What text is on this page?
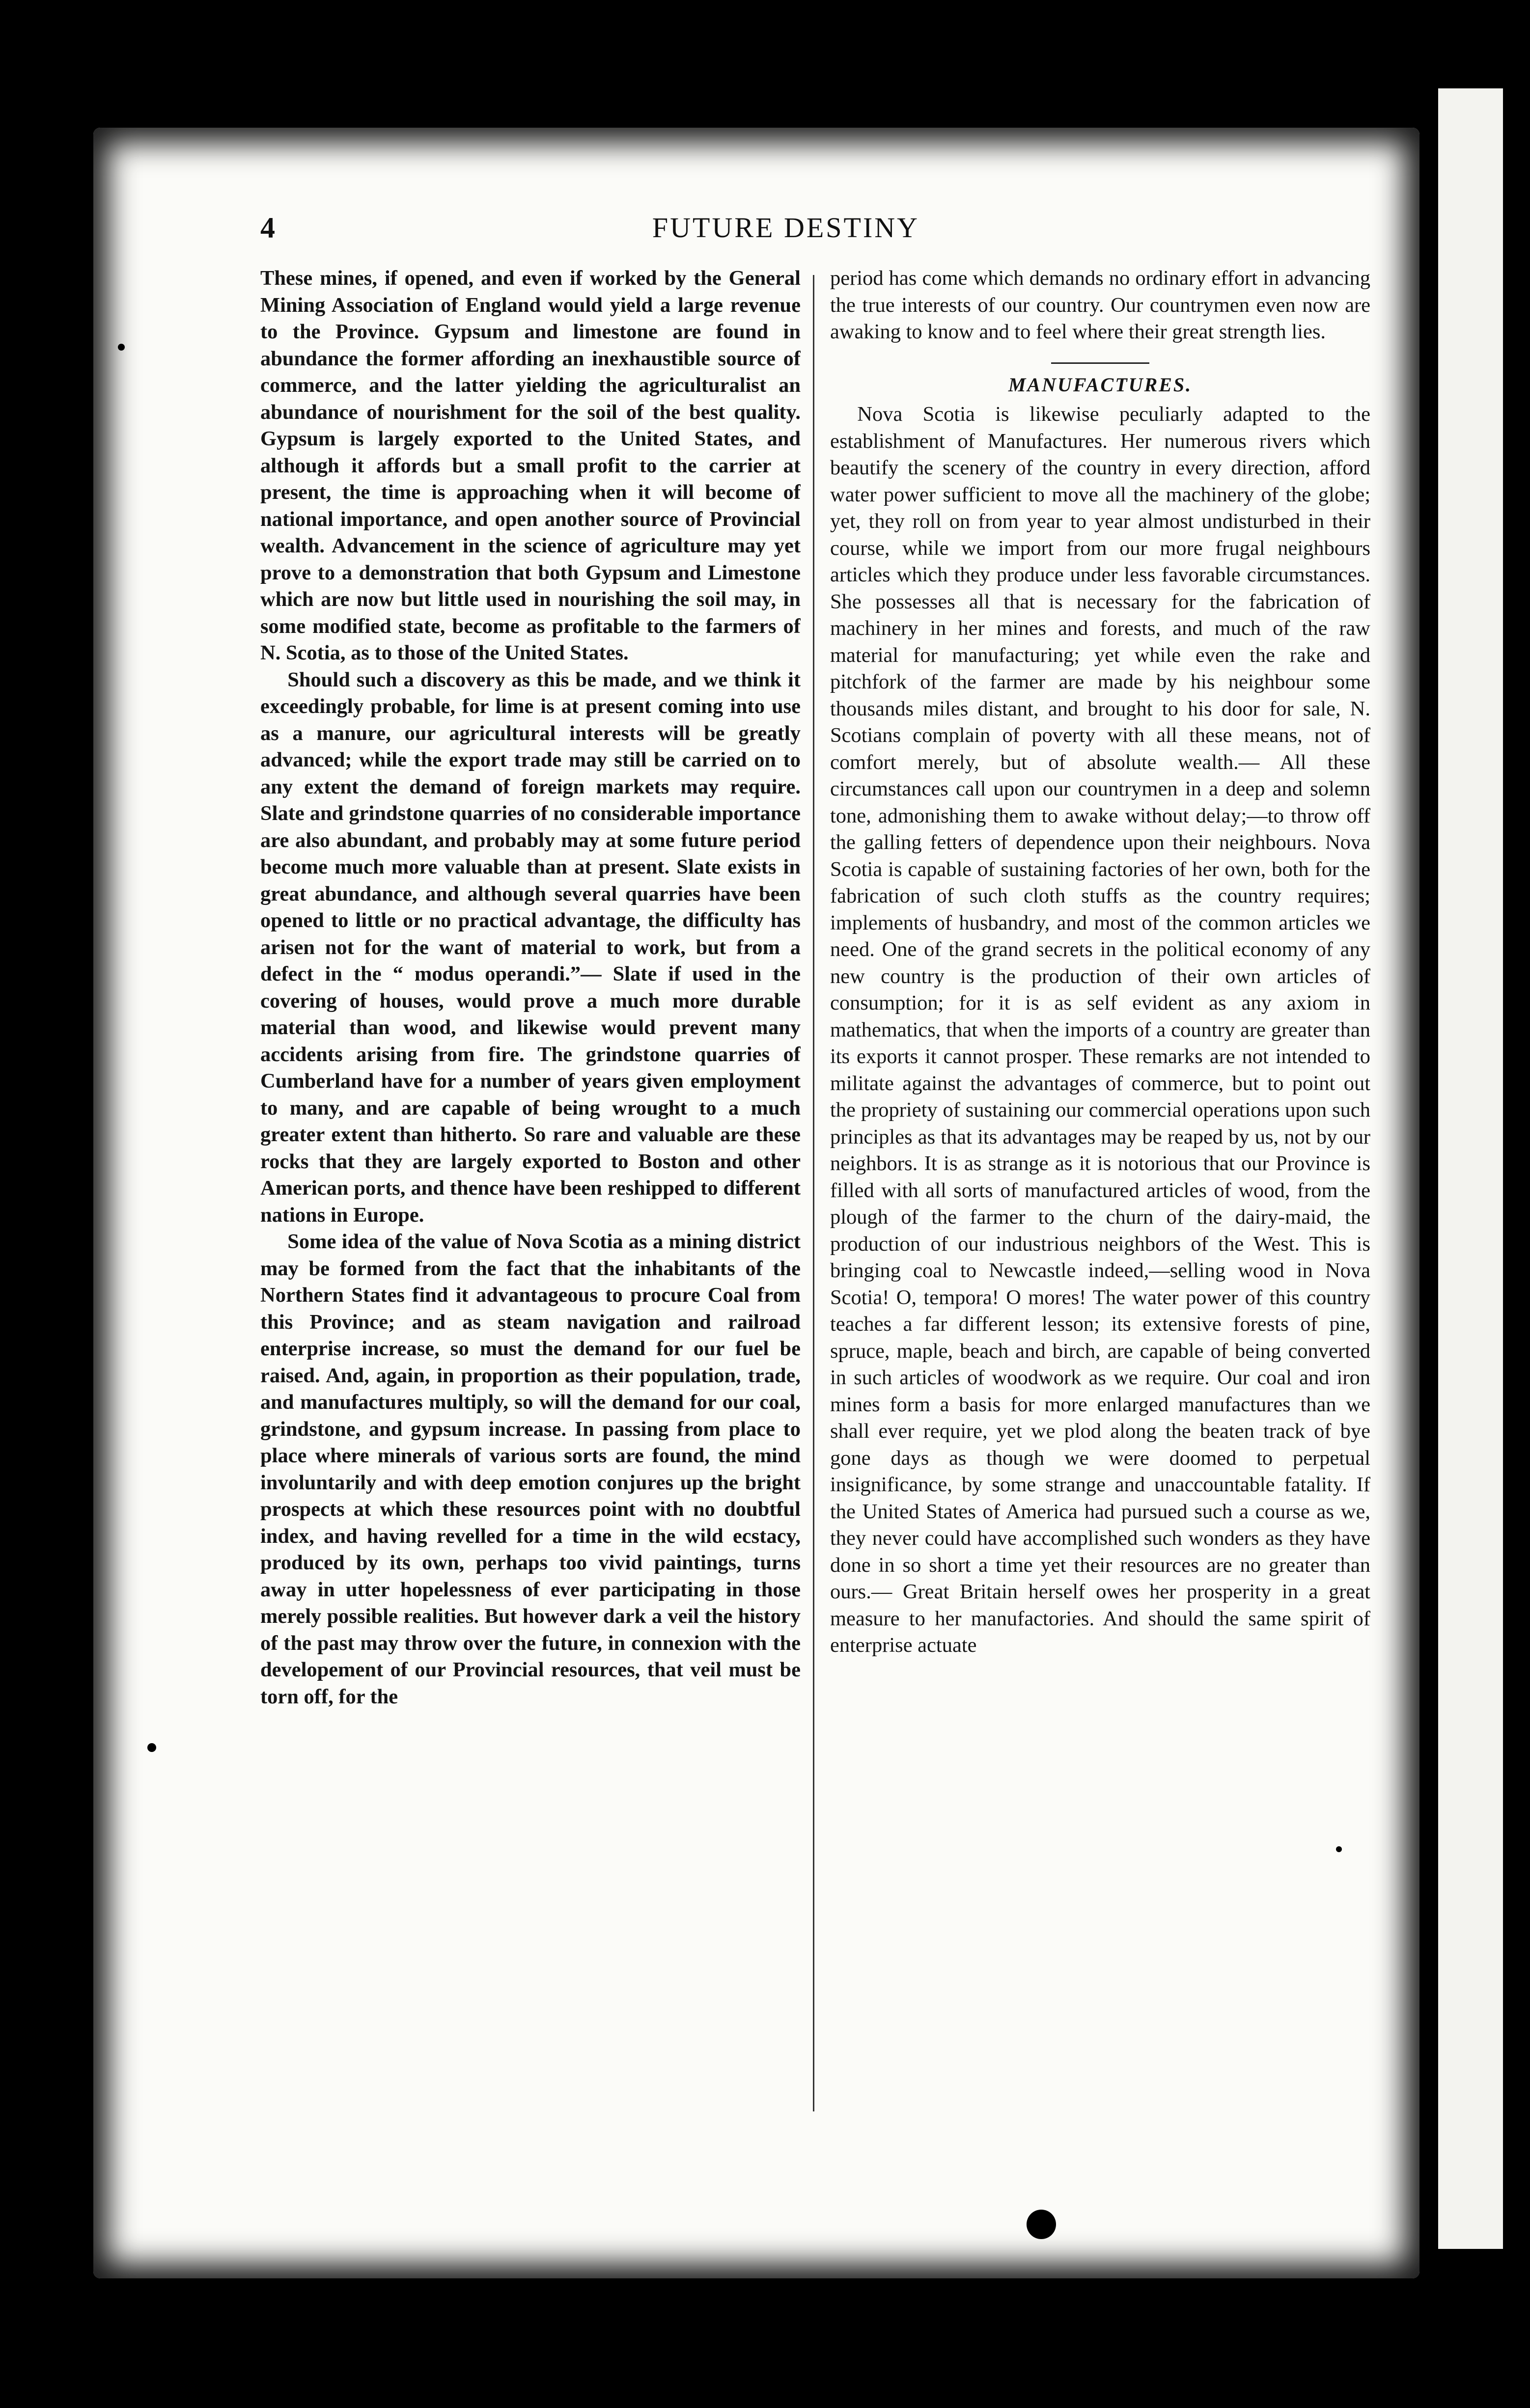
4	FUTURE DESTINY

These mines, if opened, and even if worked by the General Mining Association of England would yield a large revenue to the Province. Gypsum and limestone are found in abundance the former affording an inexhaustible source of commerce, and the latter yielding the agriculturalist an abundance of nourishment for the soil of the best quality. Gypsum is largely exported to the United States, and although it affords but a small profit to the carrier at present, the time is approaching when it will become of national importance, and open another source of Provincial wealth. Advancement in the science of agriculture may yet prove to a demonstration that both Gypsum and Limestone which are now but little used in nourishing the soil may, in some modified state, become as profitable to the farmers of N. Scotia, as to those of the United States.

Should such a discovery as this be made, and we think it exceedingly probable, for lime is at present coming into use as a manure, our agricultural interests will be greatly advanced; while the export trade may still be carried on to any extent the demand of foreign markets may require. Slate and grindstone quarries of no considerable importance are also abundant, and probably may at some future period become much more valuable than at present. Slate exists in great abundance, and although several quarries have been opened to little or no practical advantage, the difficulty has arisen not for the want of material to work, but from a defect in the “ modus operandi.”— Slate if used in the covering of houses, would prove a much more durable material than wood, and likewise would prevent many accidents arising from fire. The grindstone quarries of Cumberland have for a number of years given employment to many, and are capable of being wrought to a much greater extent than hitherto. So rare and valuable are these rocks that they are largely exported to Boston and other American ports, and thence have been reshipped to different nations in Europe.

Some idea of the value of Nova Scotia as a mining district may be formed from the fact that the inhabitants of the Northern States find it advantageous to procure Coal from this Province; and as steam navigation and railroad enterprise increase, so must the demand for our fuel be raised. And, again, in proportion as their population, trade, and manufactures multiply, so will the demand for our coal, grindstone, and gypsum increase. In passing from place to place where minerals of various sorts are found, the mind involuntarily and with deep emotion conjures up the bright prospects at which these resources point with no doubtful index, and having revelled for a time in the wild ecstacy, produced by its own, perhaps too vivid paintings, turns away in utter hopelessness of ever participating in those merely possible realities. But however dark a veil the history of the past may throw over the future, in connexion with the developement of our Provincial resources, that veil must be torn off, for the

period has come which demands no ordinary effort in advancing the true interests of our country. Our countrymen even now are awaking to know and to feel where their great strength lies.

MANUFACTURES.

Nova Scotia is likewise peculiarly adapted to the establishment of Manufactures. Her numerous rivers which beautify the scenery of the country in every direction, afford water power sufficient to move all the machinery of the globe; yet, they roll on from year to year almost undisturbed in their course, while we import from our more frugal neighbours articles which they produce under less favorable circumstances. She possesses all that is necessary for the fabrication of machinery in her mines and forests, and much of the raw material for manufacturing; yet while even the rake and pitchfork of the farmer are made by his neighbour some thousands miles distant, and brought to his door for sale, N. Scotians complain of poverty with all these means, not of comfort merely, but of absolute wealth.— All these circumstances call upon our countrymen in a deep and solemn tone, admonishing them to awake without delay;—to throw off the galling fetters of dependence upon their neighbours. Nova Scotia is capable of sustaining factories of her own, both for the fabrication of such cloth stuffs as the country requires; implements of husbandry, and most of the common articles we need. One of the grand secrets in the political economy of any new country is the production of their own articles of consumption; for it is as self evident as any axiom in mathematics, that when the imports of a country are greater than its exports it cannot prosper. These remarks are not intended to militate against the advantages of commerce, but to point out the propriety of sustaining our commercial operations upon such principles as that its advantages may be reaped by us, not by our neighbors. It is as strange as it is notorious that our Province is filled with all sorts of manufactured articles of wood, from the plough of the farmer to the churn of the dairy-maid, the production of our industrious neighbors of the West. This is bringing coal to Newcastle indeed,—selling wood in Nova Scotia! O, tempora! O mores! The water power of this country teaches a far different lesson; its extensive forests of pine, spruce, maple, beach and birch, are capable of being converted in such articles of woodwork as we require. Our coal and iron mines form a basis for more enlarged manufactures than we shall ever require, yet we plod along the beaten track of bye gone days as though we were doomed to perpetual insignificance, by some strange and unaccountable fatality. If the United States of America had pursued such a course as we, they never could have accomplished such wonders as they have done in so short a time yet their resources are no greater than ours.— Great Britain herself owes her prosperity in a great measure to her manufactories. And should the same spirit of enterprise actuate
